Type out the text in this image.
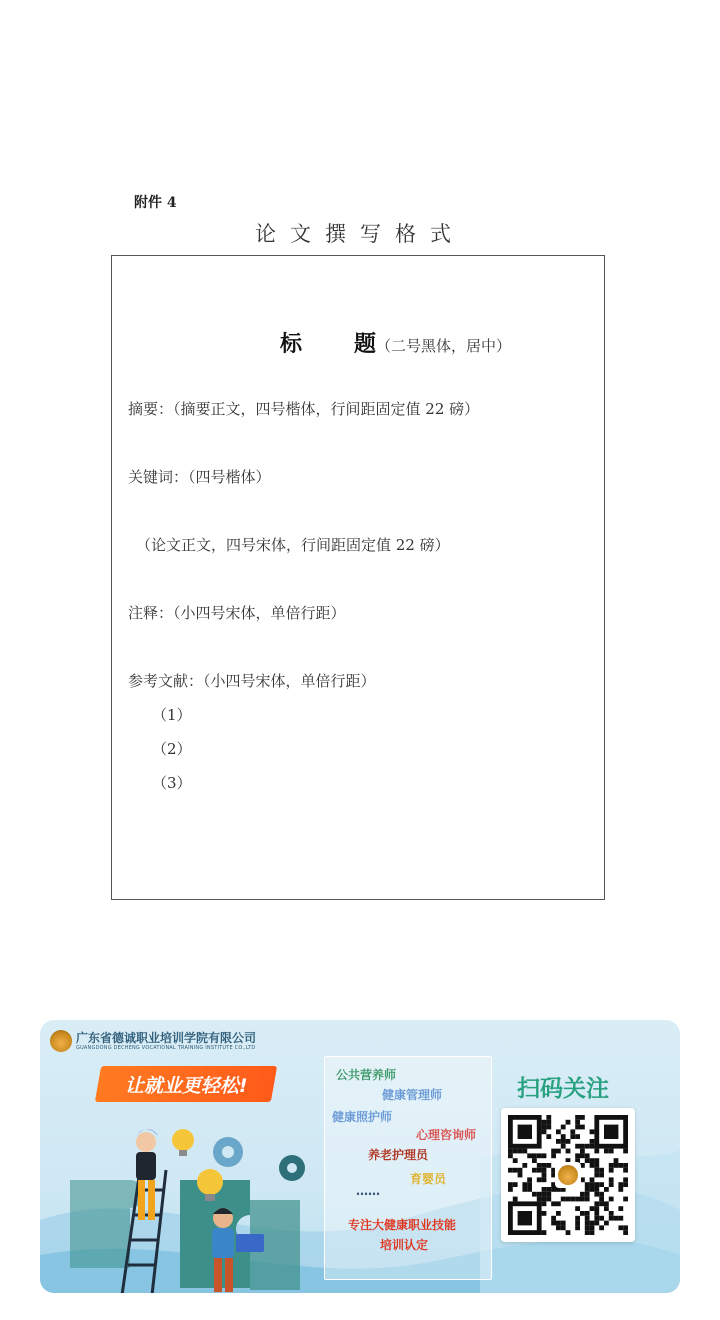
附件 4
论文撰写格式
标 题（二号黑体，居中）
摘要：（摘要正文，四号楷体，行间距固定值 22 磅）
关键词：（四号楷体）
（论文正文，四号宋体，行间距固定值 22 磅）
注释：（小四号宋体，单倍行距）
参考文献：（小四号宋体，单倍行距）
（1）
（2）
（3）
广东省德诚职业培训学院有限公司
GUANGDONG DECHENG VOCATIONAL TRAINING INSTITUTE CO.,LTD
让就业更轻松!	公共营养师
健康管理师
健康照护师
心理咨询师
养老护理员
育婴员
……
专注大健康职业技能
培训认定
扫码关注
